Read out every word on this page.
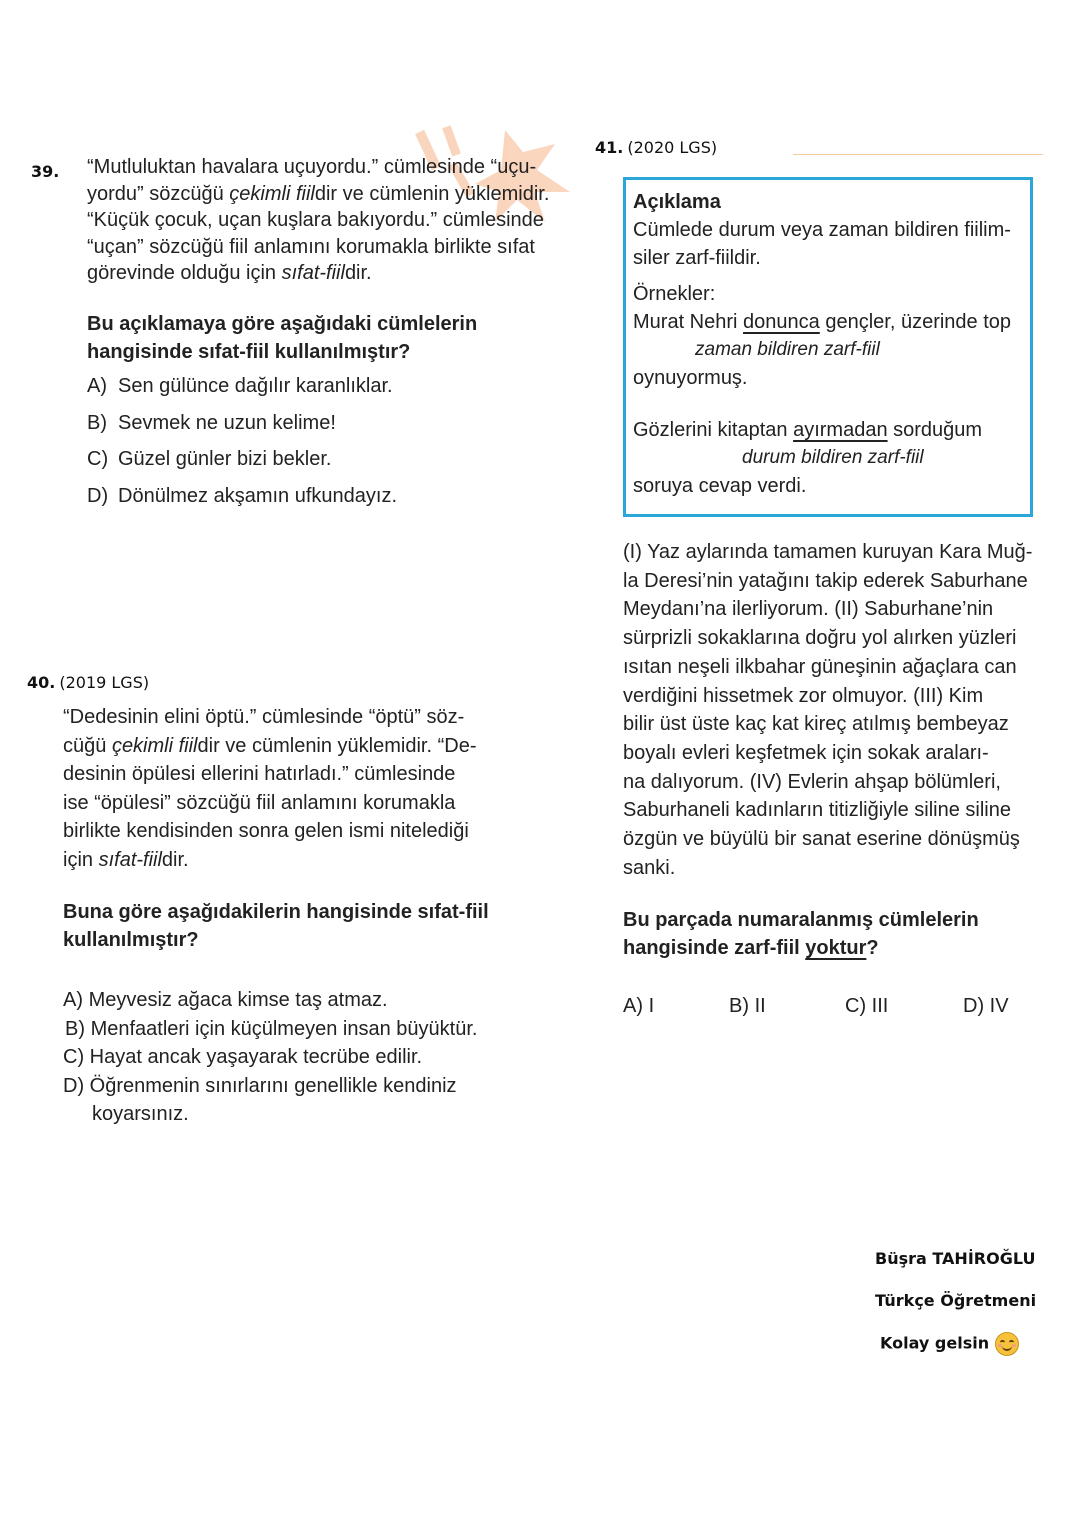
39. “Mutluluktan havalara uçuyordu.” cümlesinde “uçu-
yordu” sözcüğü çekimli fiildir ve cümlenin yüklemidir.
“Küçük çocuk, uçan kuşlara bakıyordu.” cümlesinde
“uçan” sözcüğü fiil anlamını korumakla birlikte sıfat
görevinde olduğu için sıfat-fiildir.
Bu açıklamaya göre aşağıdaki cümlelerin
hangisinde sıfat-fiil kullanılmıştır?
A) Sen gülünce dağılır karanlıklar.
B) Sevmek ne uzun kelime!
C) Güzel günler bizi bekler.
D) Dönülmez akşamın ufkundayız.
40. (2019 LGS)
“Dedesinin elini öptü.” cümlesinde “öptü” söz-
cüğü çekimli fiildir ve cümlenin yüklemidir. “De-
desinin öpülesi ellerini hatırladı.” cümlesinde
ise “öpülesi” sözcüğü fiil anlamını korumakla
birlikte kendisinden sonra gelen ismi nitelediği
için sıfat-fiildir.
Buna göre aşağıdakilerin hangisinde sıfat-fiil
kullanılmıştır?
A) Meyvesiz ağaca kimse taş atmaz.
B) Menfaatleri için küçülmeyen insan büyüktür.
C) Hayat ancak yaşayarak tecrübe edilir.
D) Öğrenmenin sınırlarını genellikle kendiniz
koyarsınız.
41. (2020 LGS)
Açıklama
Cümlede durum veya zaman bildiren fiilim-
siler zarf-fiildir.
Örnekler:
Murat Nehri donunca gençler, üzerinde top
zaman bildiren zarf-fiil
oynuyormuş.
Gözlerini kitaptan ayırmadan sorduğum
durum bildiren zarf-fiil
soruya cevap verdi.
(I) Yaz aylarında tamamen kuruyan Kara Muğ-
la Deresi’nin yatağını takip ederek Saburhane
Meydanı’na ilerliyorum. (II) Saburhane’nin
sürprizli sokaklarına doğru yol alırken yüzleri
ısıtan neşeli ilkbahar güneşinin ağaçlara can
verdiğini hissetmek zor olmuyor. (III) Kim
bilir üst üste kaç kat kireç atılmış bembeyaz
boyalı evleri keşfetmek için sokak araları-
na dalıyorum. (IV) Evlerin ahşap bölümleri,
Saburhaneli kadınların titizliğiyle siline siline
özgün ve büyülü bir sanat eserine dönüşmüş
sanki.
Bu parçada numaralanmış cümlelerin
hangisinde zarf-fiil yoktur?
A) I	B) II	C) III	D) IV
Büşra TAHİROĞLU
Türkçe Öğretmeni
Kolay gelsin
